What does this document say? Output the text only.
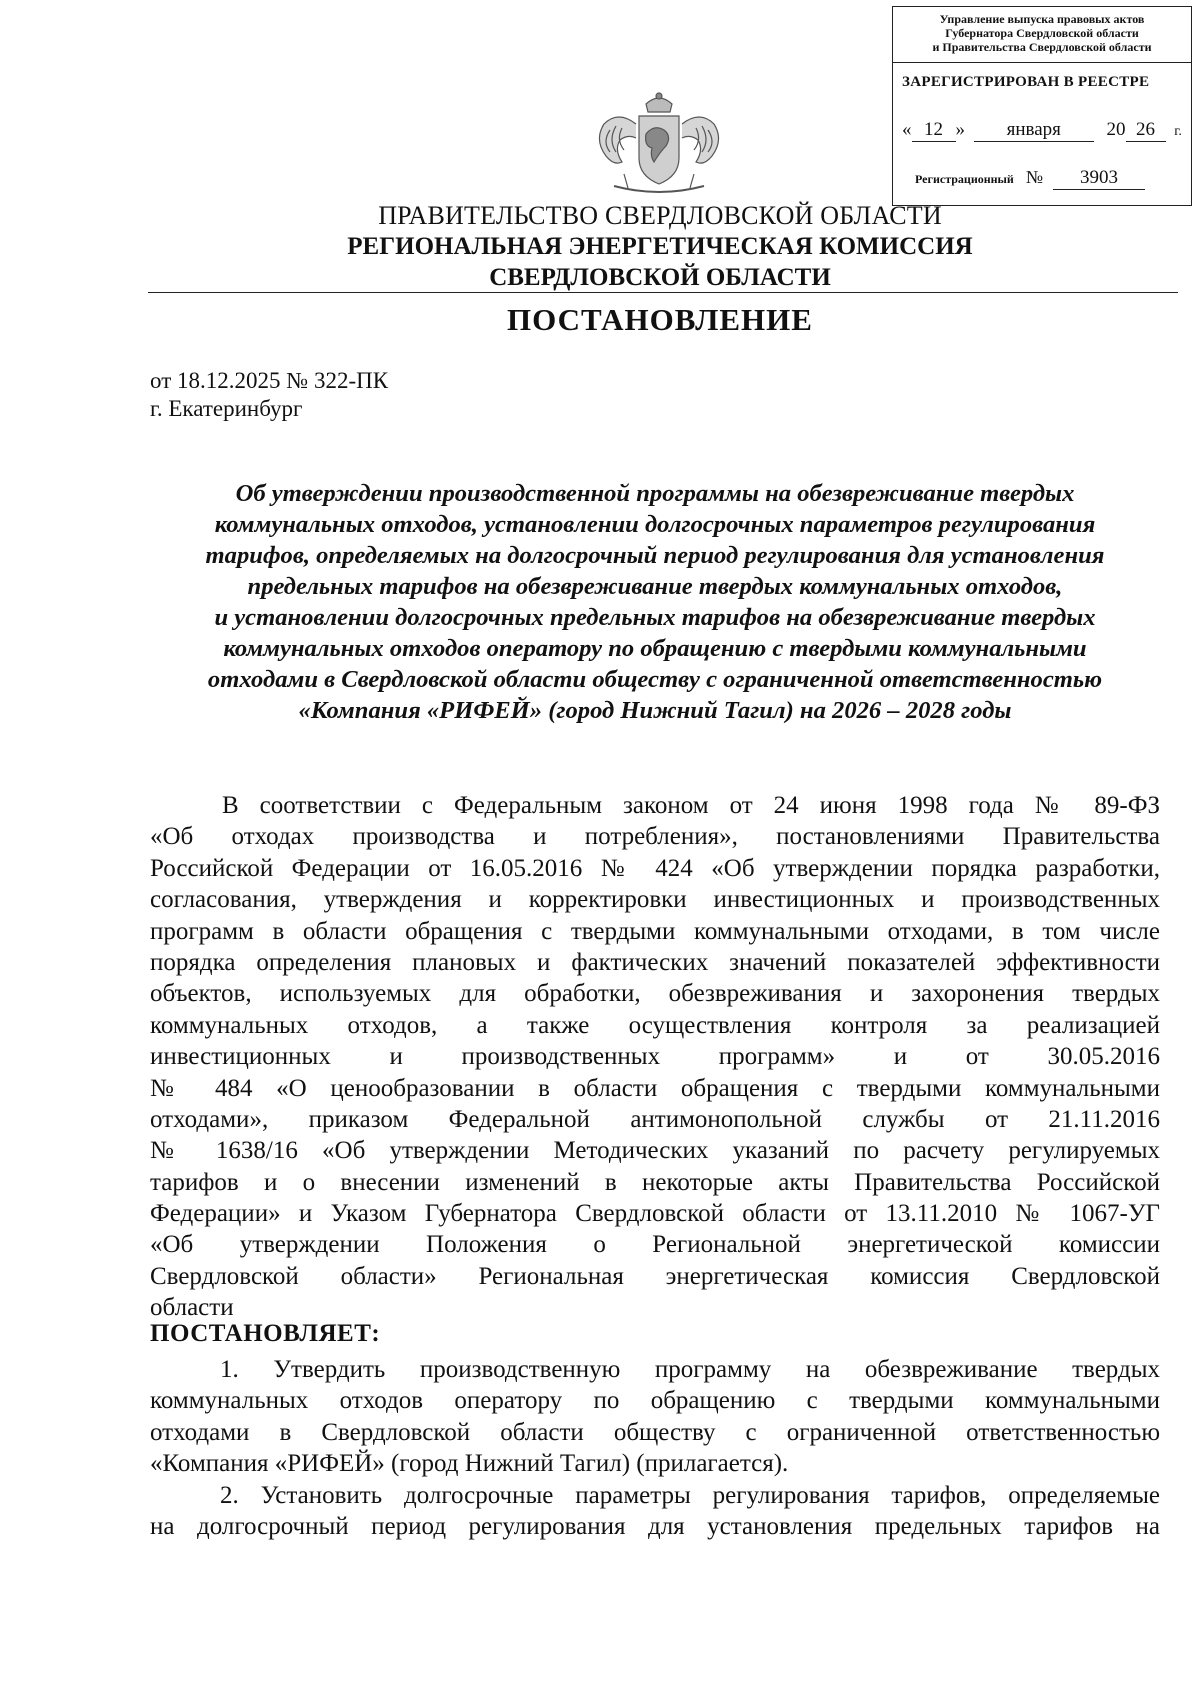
Управление выпуска правовых актов
Губернатора Свердловской области
и Правительства Свердловской области
ЗАРЕГИСТРИРОВАН В РЕЕСТРЕ
« 12 » января 20 26 г.
Регистрационный № 3903
ПРАВИТЕЛЬСТВО СВЕРДЛОВСКОЙ ОБЛАСТИ
РЕГИОНАЛЬНАЯ ЭНЕРГЕТИЧЕСКАЯ КОМИССИЯ
СВЕРДЛОВСКОЙ ОБЛАСТИ
ПОСТАНОВЛЕНИЕ
от 18.12.2025 № 322-ПК
г. Екатеринбург
Об утверждении производственной программы на обезвреживание твердых
коммунальных отходов, установлении долгосрочных параметров регулирования
тарифов, определяемых на долгосрочный период регулирования для установления
предельных тарифов на обезвреживание твердых коммунальных отходов,
и установлении долгосрочных предельных тарифов на обезвреживание твердых
коммунальных отходов оператору по обращению с твердыми коммунальными
отходами в Свердловской области обществу с ограниченной ответственностью
«Компания «РИФЕЙ» (город Нижний Тагил) на 2026 – 2028 годы
В соответствии с Федеральным законом от 24 июня 1998 года № 89-ФЗ
«Об отходах производства и потребления», постановлениями Правительства
Российской Федерации от 16.05.2016 № 424 «Об утверждении порядка разработки,
согласования, утверждения и корректировки инвестиционных и производственных
программ в области обращения с твердыми коммунальными отходами, в том числе
порядка определения плановых и фактических значений показателей эффективности
объектов, используемых для обработки, обезвреживания и захоронения твердых
коммунальных отходов, а также осуществления контроля за реализацией
инвестиционных и производственных программ» и от 30.05.2016
№ 484 «О ценообразовании в области обращения с твердыми коммунальными
отходами», приказом Федеральной антимонопольной службы от 21.11.2016
№ 1638/16 «Об утверждении Методических указаний по расчету регулируемых
тарифов и о внесении изменений в некоторые акты Правительства Российской
Федерации» и Указом Губернатора Свердловской области от 13.11.2010 № 1067-УГ
«Об утверждении Положения о Региональной энергетической комиссии
Свердловской области» Региональная энергетическая комиссия Свердловской
области
ПОСТАНОВЛЯЕТ:
1. Утвердить производственную программу на обезвреживание твердых
коммунальных отходов оператору по обращению с твердыми коммунальными
отходами в Свердловской области обществу с ограниченной ответственностью
«Компания «РИФЕЙ» (город Нижний Тагил) (прилагается).
2. Установить долгосрочные параметры регулирования тарифов, определяемые
на долгосрочный период регулирования для установления предельных тарифов на
